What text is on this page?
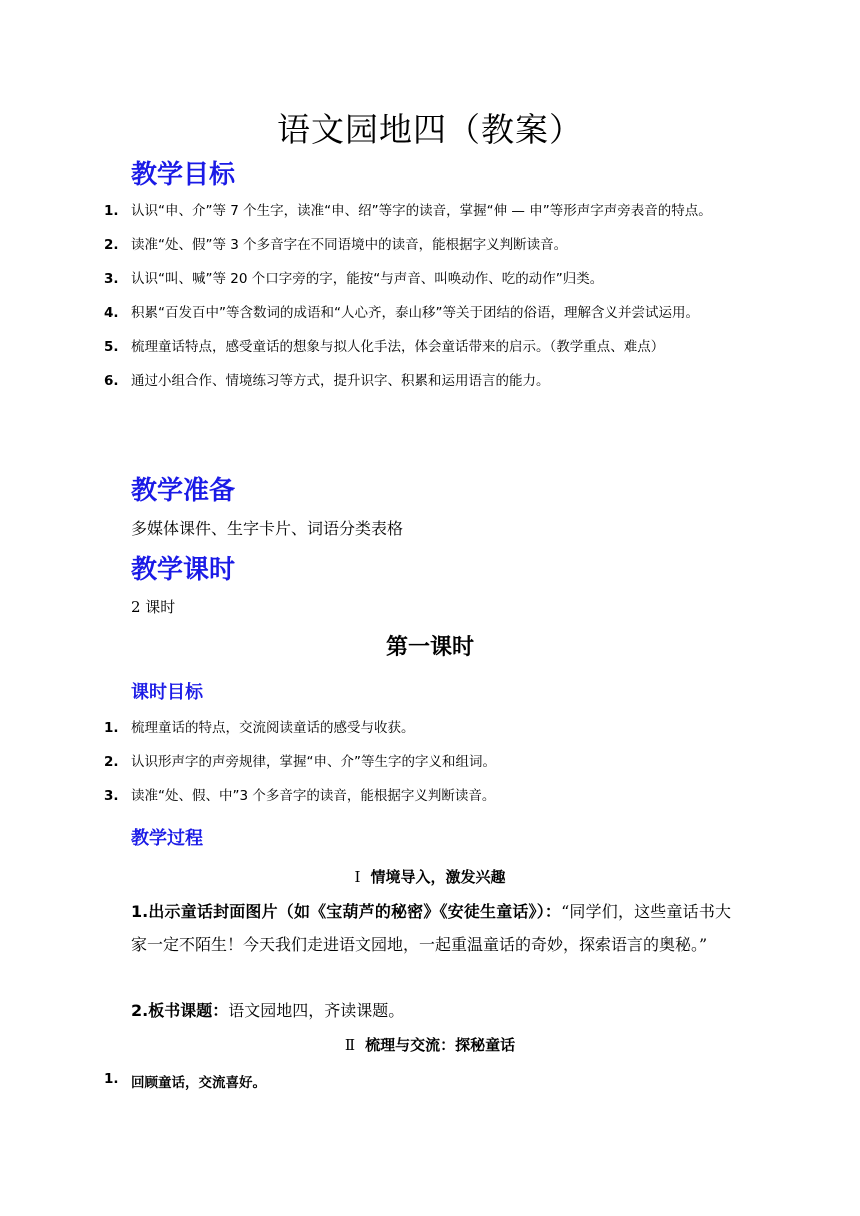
语文园地四（教案）
教学目标
1. 认识“申、介”等 7 个生字，读准“申、绍”等字的读音，掌握“伸 — 申”等形声字声旁表音的特点。
2. 读准“处、假”等 3 个多音字在不同语境中的读音，能根据字义判断读音。
3. 认识“叫、喊”等 20 个口字旁的字，能按“与声音、叫唤动作、吃的动作”归类。
4. 积累“百发百中”等含数词的成语和“人心齐，泰山移”等关于团结的俗语，理解含义并尝试运用。
5. 梳理童话特点，感受童话的想象与拟人化手法，体会童话带来的启示。（教学重点、难点）
6. 通过小组合作、情境练习等方式，提升识字、积累和运用语言的能力。
教学准备
多媒体课件、生字卡片、词语分类表格
教学课时
2 课时
第一课时
课时目标
1. 梳理童话的特点，交流阅读童话的感受与收获。
2. 认识形声字的声旁规律，掌握“申、介”等生字的字义和组词。
3. 读准“处、假、中”3 个多音字的读音，能根据字义判断读音。
教学过程
Ⅰ 情境导入，激发兴趣
1.出示童话封面图片（如《宝葫芦的秘密》《安徒生童话》）：“同学们，这些童话书大家一定不陌生！今天我们走进语文园地，一起重温童话的奇妙，探索语言的奥秘。”
2.板书课题：语文园地四，齐读课题。
Ⅱ 梳理与交流：探秘童话
1. 回顾童话，交流喜好。
